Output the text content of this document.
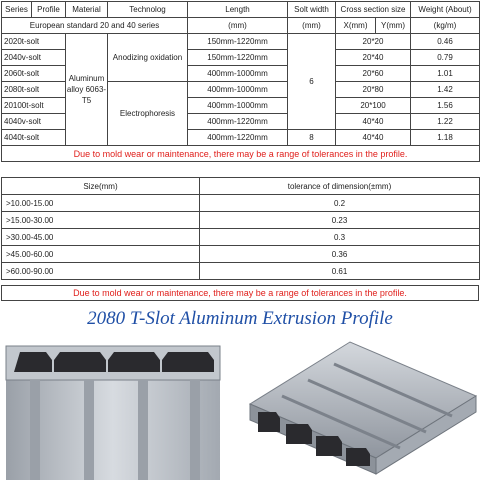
Series	Profile	Material	Technolog	Length	Solt width	Cross section size		Weight (About)
European standard 20 and 40 series				(mm)	(mm)	X(mm)	Y(mm)	(kg/m)
2020t-solt		Aluminum alloy 6063-T5	Anodizing oxidation	150mm-1220mm	6	20*20		0.46
2040v-solt				150mm-1220mm		20*40		0.79
2060t-solt				400mm-1000mm		20*60		1.01
2080t-solt			Electrophoresis	400mm-1000mm		20*80		1.42
20100t-solt				400mm-1000mm		20*100		1.56
4040v-solt				400mm-1220mm		40*40		1.22
4040t-solt				400mm-1220mm	8	40*40		1.18
Due to mold wear or maintenance, there may be a range of tolerances in the profile.								
Size(mm)	tolerance of dimension(±mm)
>10.00-15.00	0.2
>15.00-30.00	0.23
>30.00-45.00	0.3
>45.00-60.00	0.36
>60.00-90.00	0.61
Due to mold wear or maintenance, there may be a range of tolerances in the profile.
2080 T-Slot Aluminum Extrusion Profile
